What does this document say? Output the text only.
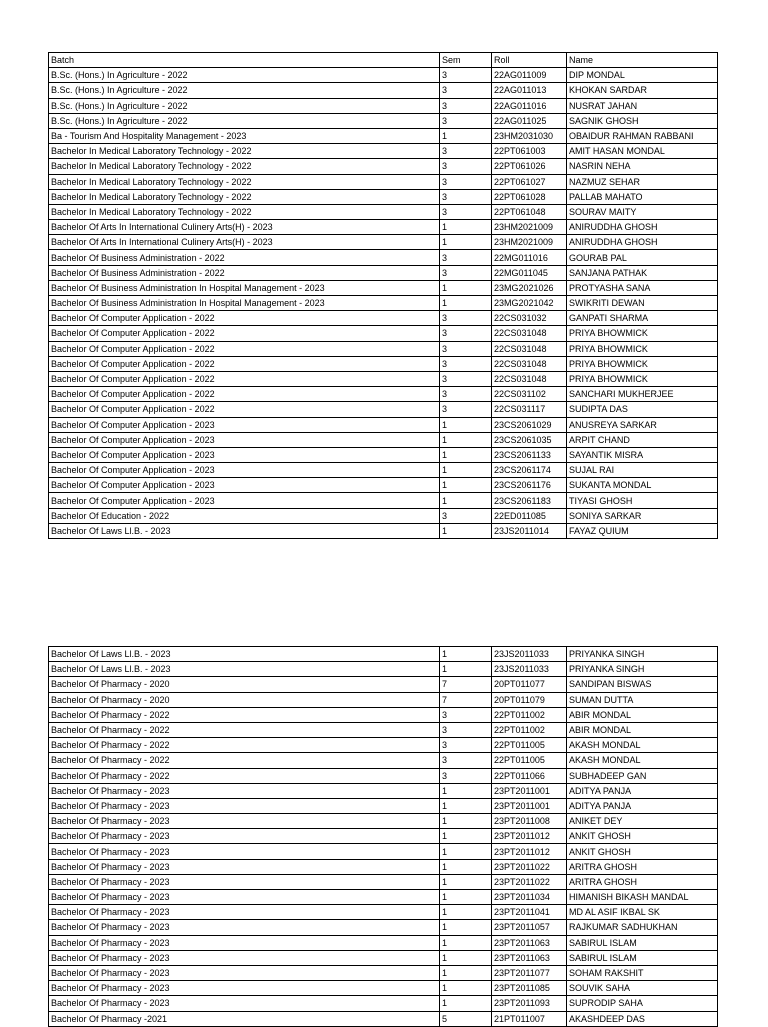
Batch	Sem	Roll	Name
B.Sc. (Hons.) In Agriculture - 2022	3	22AG011009	DIP MONDAL
B.Sc. (Hons.) In Agriculture - 2022	3	22AG011013	KHOKAN SARDAR
B.Sc. (Hons.) In Agriculture - 2022	3	22AG011016	NUSRAT JAHAN
B.Sc. (Hons.) In Agriculture - 2022	3	22AG011025	SAGNIK GHOSH
Ba - Tourism And Hospitality Management - 2023	1	23HM2031030	OBAIDUR RAHMAN RABBANI
Bachelor In Medical Laboratory Technology - 2022	3	22PT061003	AMIT HASAN MONDAL
Bachelor In Medical Laboratory Technology - 2022	3	22PT061026	NASRIN NEHA
Bachelor In Medical Laboratory Technology - 2022	3	22PT061027	NAZMUZ SEHAR
Bachelor In Medical Laboratory Technology - 2022	3	22PT061028	PALLAB MAHATO
Bachelor In Medical Laboratory Technology - 2022	3	22PT061048	SOURAV MAITY
Bachelor Of Arts In International Culinery Arts(H) - 2023	1	23HM2021009	ANIRUDDHA GHOSH
Bachelor Of Arts In International Culinery Arts(H) - 2023	1	23HM2021009	ANIRUDDHA GHOSH
Bachelor Of Business Administration - 2022	3	22MG011016	GOURAB PAL
Bachelor Of Business Administration - 2022	3	22MG011045	SANJANA PATHAK
Bachelor Of Business Administration In Hospital Management - 2023	1	23MG2021026	PROTYASHA SANA
Bachelor Of Business Administration In Hospital Management - 2023	1	23MG2021042	SWIKRITI DEWAN
Bachelor Of Computer Application - 2022	3	22CS031032	GANPATI SHARMA
Bachelor Of Computer Application - 2022	3	22CS031048	PRIYA BHOWMICK
Bachelor Of Computer Application - 2022	3	22CS031048	PRIYA BHOWMICK
Bachelor Of Computer Application - 2022	3	22CS031048	PRIYA BHOWMICK
Bachelor Of Computer Application - 2022	3	22CS031048	PRIYA BHOWMICK
Bachelor Of Computer Application - 2022	3	22CS031102	SANCHARI MUKHERJEE
Bachelor Of Computer Application - 2022	3	22CS031117	SUDIPTA DAS
Bachelor Of Computer Application - 2023	1	23CS2061029	ANUSREYA SARKAR
Bachelor Of Computer Application - 2023	1	23CS2061035	ARPIT CHAND
Bachelor Of Computer Application - 2023	1	23CS2061133	SAYANTIK MISRA
Bachelor Of Computer Application - 2023	1	23CS2061174	SUJAL RAI
Bachelor Of Computer Application - 2023	1	23CS2061176	SUKANTA MONDAL
Bachelor Of Computer Application - 2023	1	23CS2061183	TIYASI GHOSH
Bachelor Of Education - 2022	3	22ED011085	SONIYA SARKAR
Bachelor Of Laws Ll.B. - 2023	1	23JS2011014	FAYAZ QUIUM
Bachelor Of Laws Ll.B. - 2023	1	23JS2011033	PRIYANKA SINGH
Bachelor Of Laws Ll.B. - 2023	1	23JS2011033	PRIYANKA SINGH
Bachelor Of Pharmacy - 2020	7	20PT011077	SANDIPAN BISWAS
Bachelor Of Pharmacy - 2020	7	20PT011079	SUMAN DUTTA
Bachelor Of Pharmacy - 2022	3	22PT011002	ABIR MONDAL
Bachelor Of Pharmacy - 2022	3	22PT011002	ABIR MONDAL
Bachelor Of Pharmacy - 2022	3	22PT011005	AKASH MONDAL
Bachelor Of Pharmacy - 2022	3	22PT011005	AKASH MONDAL
Bachelor Of Pharmacy - 2022	3	22PT011066	SUBHADEEP GAN
Bachelor Of Pharmacy - 2023	1	23PT2011001	ADITYA PANJA
Bachelor Of Pharmacy - 2023	1	23PT2011001	ADITYA PANJA
Bachelor Of Pharmacy - 2023	1	23PT2011008	ANIKET DEY
Bachelor Of Pharmacy - 2023	1	23PT2011012	ANKIT GHOSH
Bachelor Of Pharmacy - 2023	1	23PT2011012	ANKIT GHOSH
Bachelor Of Pharmacy - 2023	1	23PT2011022	ARITRA GHOSH
Bachelor Of Pharmacy - 2023	1	23PT2011022	ARITRA GHOSH
Bachelor Of Pharmacy - 2023	1	23PT2011034	HIMANISH BIKASH MANDAL
Bachelor Of Pharmacy - 2023	1	23PT2011041	MD AL ASIF IKBAL SK
Bachelor Of Pharmacy - 2023	1	23PT2011057	RAJKUMAR SADHUKHAN
Bachelor Of Pharmacy - 2023	1	23PT2011063	SABIRUL ISLAM
Bachelor Of Pharmacy - 2023	1	23PT2011063	SABIRUL ISLAM
Bachelor Of Pharmacy - 2023	1	23PT2011077	SOHAM RAKSHIT
Bachelor Of Pharmacy - 2023	1	23PT2011085	SOUVIK SAHA
Bachelor Of Pharmacy - 2023	1	23PT2011093	SUPRODIP SAHA
Bachelor Of Pharmacy -2021	5	21PT011007	AKASHDEEP DAS
